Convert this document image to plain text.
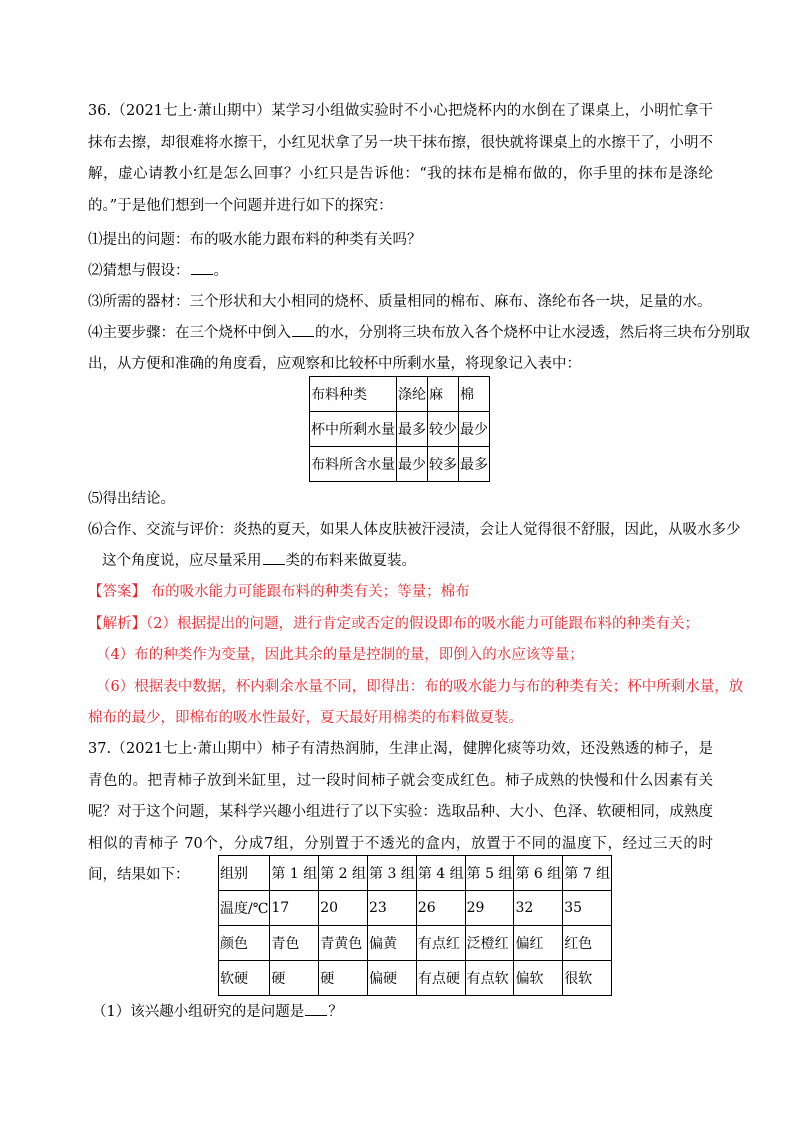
36.（2021七上·萧山期中）某学习小组做实验时不小心把烧杯内的水倒在了课桌上，小明忙拿干抹布去擦，却很难将水擦干，小红见状拿了另一块干抹布擦，很快就将课桌上的水擦干了，小明不解，虚心请教小红是怎么回事？小红只是告诉他：“我的抹布是棉布做的，你手里的抹布是涤纶的。”于是他们想到一个问题并进行如下的探究：
⑴提出的问题：布的吸水能力跟布料的种类有关吗？
⑵猜想与假设： 。
⑶所需的器材：三个形状和大小相同的烧杯、质量相同的棉布、麻布、涤纶布各一块，足量的水。
⑷主要步骤：在三个烧杯中倒入 的水，分别将三块布放入各个烧杯中让水浸透，然后将三块布分别取
出，从方便和准确的角度看，应观察和比较杯中所剩水量，将现象记入表中：
布料种类	涤纶	麻	棉
杯中所剩水量	最多	较少	最少
布料所含水量	最少	较多	最多
⑸得出结论。
⑹合作、交流与评价：炎热的夏天，如果人体皮肤被汗浸渍，会让人觉得很不舒服，因此，从吸水多少
这个角度说，应尽量采用 类的布料来做夏装。
【答案】 布的吸水能力可能跟布料的种类有关；等量；棉布
【解析】（2）根据提出的问题，进行肯定或否定的假设即布的吸水能力可能跟布料的种类有关；
（4）布的种类作为变量，因此其余的量是控制的量，即倒入的水应该等量；
（6）根据表中数据，杯内剩余水量不同，即得出：布的吸水能力与布的种类有关；杯中所剩水量，放
棉布的最少，即棉布的吸水性最好，夏天最好用棉类的布料做夏装。
37.（2021七上·萧山期中）柿子有清热润肺，生津止渴，健脾化痰等功效，还没熟透的柿子，是青色的。把青柿子放到米缸里，过一段时间柿子就会变成红色。柿子成熟的快慢和什么因素有关呢？对于这个问题，某科学兴趣小组进行了以下实验：选取品种、大小、色泽、软硬相同，成熟度相似的青柿子 70个，分成7组，分别置于不透光的盒内，放置于不同的温度下，经过三天的时间，结果如下：	组别	第 1 组	第 2 组	第 3 组	第 4 组	第 5 组	第 6 组	第 7 组
温度/℃	17	20	23	26	29	32	35
颜色	青色	青黄色	偏黄	有点红	泛橙红	偏红	红色
软硬	硬	硬	偏硬	有点硬	有点软	偏软	很软
（1）该兴趣小组研究的是问题是 ？
